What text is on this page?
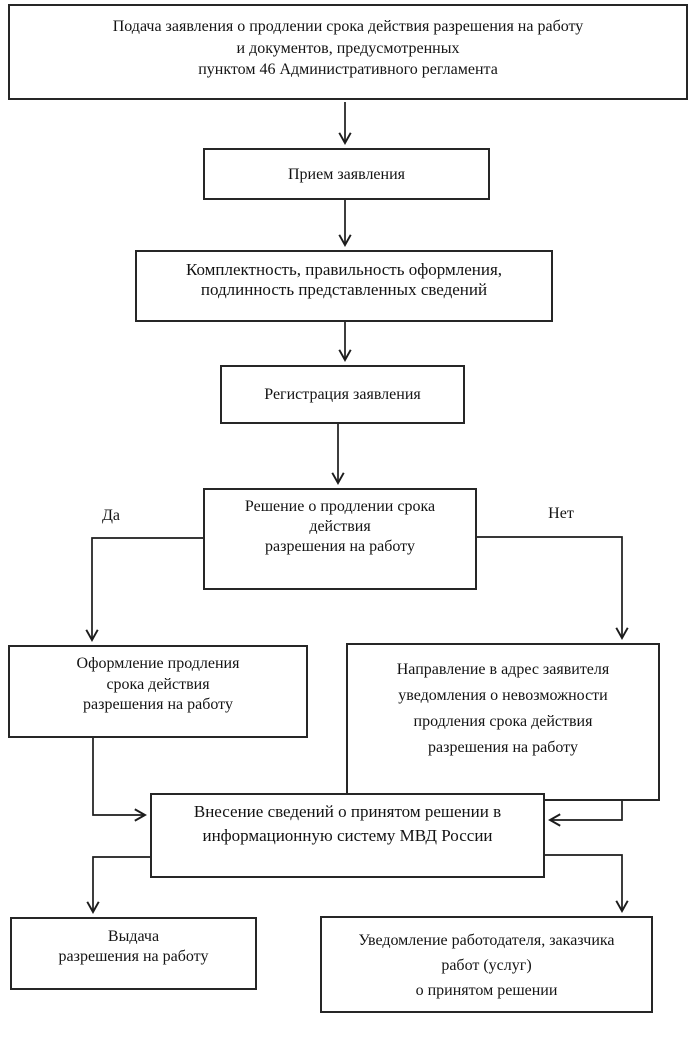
Подача заявления о продлении срока действия разрешения на работу
и документов, предусмотренных
пунктом 46 Административного регламента
Прием заявления
Комплектность, правильность оформления,
подлинность представленных сведений
Регистрация заявления
Решение о продлении срока
действия
разрешения на работу
Да	Нет
Оформление продления
срока действия
разрешения на работу
Направление в адрес заявителя
уведомления о невозможности
продления срока действия
разрешения на работу
Внесение сведений о принятом решении в
информационную систему МВД России
Выдача
разрешения на работу
Уведомление работодателя, заказчика
работ (услуг)
о принятом решении
